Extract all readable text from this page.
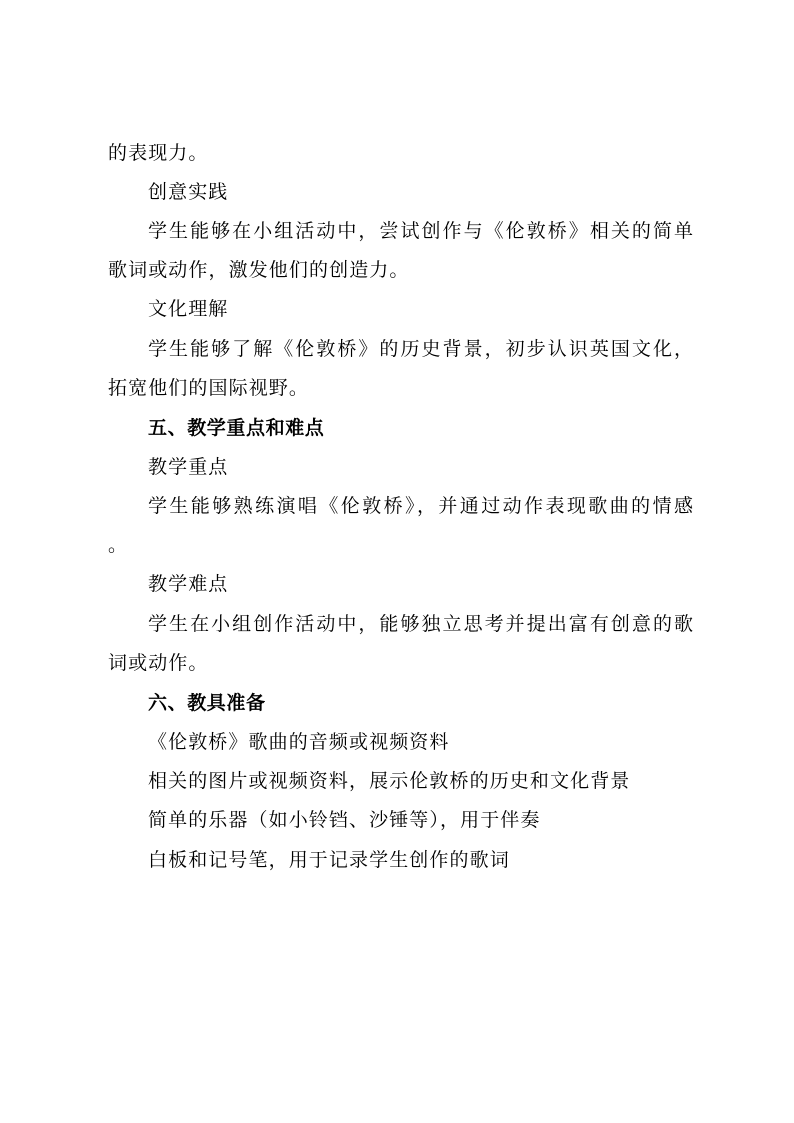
的表现力。
创意实践
学生能够在小组活动中，尝试创作与《伦敦桥》相关的简单
歌词或动作，激发他们的创造力。
文化理解
学生能够了解《伦敦桥》的历史背景，初步认识英国文化，
拓宽他们的国际视野。
五、教学重点和难点
教学重点
学生能够熟练演唱《伦敦桥》，并通过动作表现歌曲的情感
。
教学难点
学生在小组创作活动中，能够独立思考并提出富有创意的歌
词或动作。
六、教具准备
《伦敦桥》歌曲的音频或视频资料
相关的图片或视频资料，展示伦敦桥的历史和文化背景
简单的乐器（如小铃铛、沙锤等），用于伴奏
白板和记号笔，用于记录学生创作的歌词
